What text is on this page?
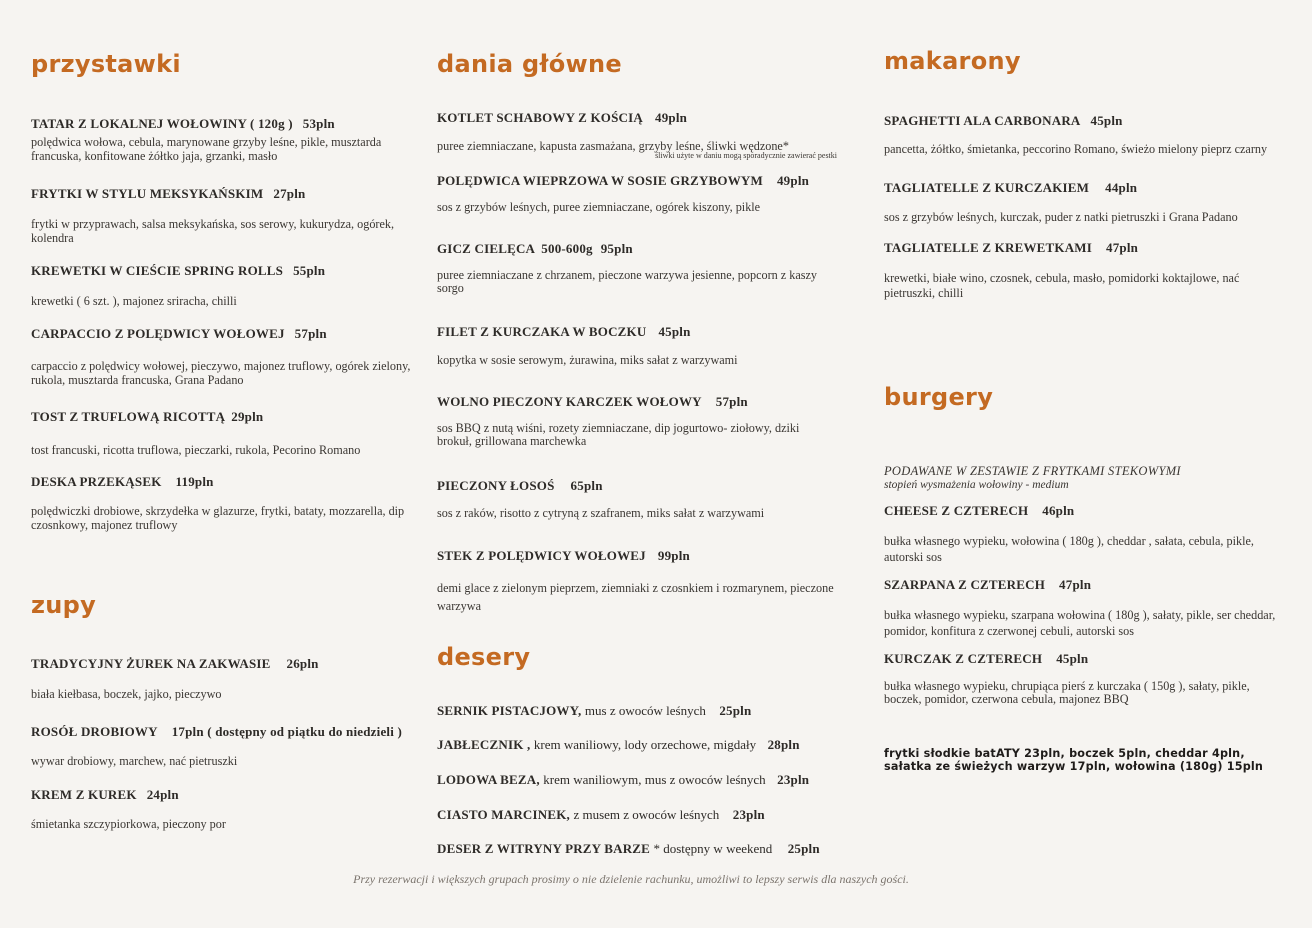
przystawki
TATAR Z LOKALNEJ WOŁOWINY ( 120g ) 53pln
polędwica wołowa, cebula, marynowane grzyby leśne, pikle, musztarda francuska, konfitowane żółtko jaja, grzanki, masło
FRYTKI W STYLU MEKSYKAŃSKIM 27pln
frytki w przyprawach, salsa meksykańska, sos serowy, kukurydza, ogórek, kolendra
KREWETKI W CIEŚCIE SPRING ROLLS 55pln
krewetki ( 6 szt. ), majonez sriracha, chilli
CARPACCIO Z POLĘDWICY WOŁOWEJ 57pln
carpaccio z polędwicy wołowej, pieczywo, majonez truflowy, ogórek zielony, rukola, musztarda francuska, Grana Padano
TOST Z TRUFLOWĄ RICOTTĄ 29pln
tost francuski, ricotta truflowa, pieczarki, rukola, Pecorino Romano
DESKA PRZEKĄSEK 119pln
polędwiczki drobiowe, skrzydełka w glazurze, frytki, bataty, mozzarella, dip czosnkowy, majonez truflowy
zupy
TRADYCYJNY ŻUREK NA ZAKWASIE 26pln
biała kiełbasa, boczek, jajko, pieczywo
ROSÓŁ DROBIOWY 17pln ( dostępny od piątku do niedzieli )
wywar drobiowy, marchew, nać pietruszki
KREM Z KUREK 24pln
śmietanka szczypiorkowa, pieczony por
dania główne
KOTLET SCHABOWY Z KOŚCIĄ 49pln
puree ziemniaczane, kapusta zasmażana, grzyby leśne, śliwki wędzone*
śliwki użyte w daniu mogą sporadycznie zawierać pestki
POLĘDWICA WIEPRZOWA W SOSIE GRZYBOWYM 49pln
sos z grzybów leśnych, puree ziemniaczane, ogórek kiszony, pikle
GICZ CIELĘCA  500-600g 95pln
puree ziemniaczane z chrzanem, pieczone warzywa jesienne, popcorn z kaszy sorgo
FILET Z KURCZAKA W BOCZKU 45pln
kopytka w sosie serowym, żurawina, miks sałat z warzywami
WOLNO PIECZONY KARCZEK WOŁOWY 57pln
sos BBQ z nutą wiśni, rozety ziemniaczane, dip jogurtowo- ziołowy, dziki brokuł, grillowana marchewka
PIECZONY ŁOSOŚ 65pln
sos z raków, risotto z cytryną z szafranem, miks sałat z warzywami
STEK Z POLĘDWICY WOŁOWEJ 99pln
demi glace z zielonym pieprzem, ziemniaki z czosnkiem i rozmarynem, pieczone warzywa
desery
SERNIK PISTACJOWY, mus z owoców leśnych 25pln
JABŁECZNIK , krem waniliowy, lody orzechowe, migdały 28pln
LODOWA BEZA, krem waniliowym, mus z owoców leśnych 23pln
CIASTO MARCINEK, z musem z owoców leśnych 23pln
DESER Z WITRYNY PRZY BARZE * dostępny w weekend 25pln
makarony
SPAGHETTI ALA CARBONARA 45pln
pancetta, żółtko, śmietanka, peccorino Romano, świeżo mielony pieprz czarny
TAGLIATELLE Z KURCZAKIEM 44pln
sos z grzybów leśnych, kurczak, puder z natki pietruszki i Grana Padano
TAGLIATELLE Z KREWETKAMI 47pln
krewetki, białe wino, czosnek, cebula, masło, pomidorki koktajlowe, nać pietruszki, chilli
burgery
PODAWANE W ZESTAWIE Z FRYTKAMI STEKOWYMI
stopień wysmażenia wołowiny - medium
CHEESE Z CZTERECH 46pln
bułka własnego wypieku, wołowina ( 180g ), cheddar , sałata, cebula, pikle, autorski sos
SZARPANA Z CZTERECH 47pln
bułka własnego wypieku, szarpana wołowina ( 180g ), sałaty, pikle, ser cheddar, pomidor, konfitura z czerwonej cebuli, autorski sos
KURCZAK Z CZTERECH 45pln
bułka własnego wypieku, chrupiąca pierś z kurczaka ( 150g ), sałaty, pikle, boczek, pomidor, czerwona cebula, majonez BBQ
frytki słodkie batATY 23pln, boczek 5pln, cheddar 4pln,
sałatka ze świeżych warzyw 17pln, wołowina (180g) 15pln
Przy rezerwacji i większych grupach prosimy o nie dzielenie rachunku, umożliwi to lepszy serwis dla naszych gości.
